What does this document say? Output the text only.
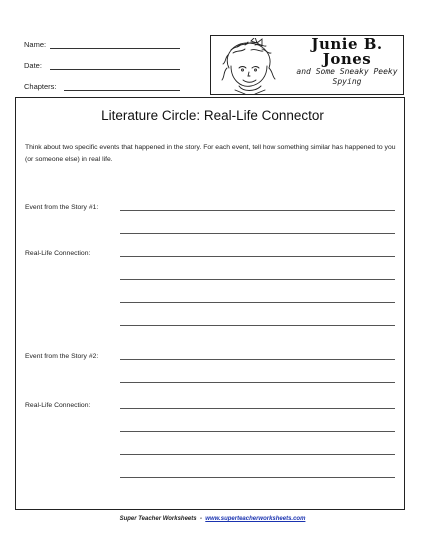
Name:
Date:
Chapters:
Junie B. Jones
and Some Sneaky Peeky Spying
Literature Circle: Real-Life Connector
Think about two specific events that happened in the story. For each event, tell how something similar has happened to you (or someone else) in real life.
Event from the Story #1:
Real-Life Connection:
Event from the Story #2:
Real-Life Connection:
Super Teacher Worksheets - www.superteacherworksheets.com
